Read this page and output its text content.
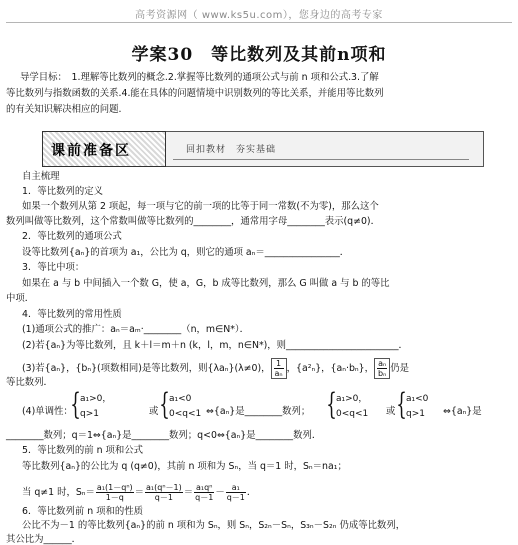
高考资源网（ www.ks5u.com），您身边的高考专家
学案30　等比数列及其前n项和
导学目标：　1.理解等比数列的概念.2.掌握等比数列的通项公式与前 n 项和公式.3.了解
等比数列与指数函数的关系.4.能在具体的问题情境中识别数列的等比关系，并能用等比数列
的有关知识解决相应的问题.
课前准备区	回扣教材　夯实基础
自主梳理
1．等比数列的定义
如果一个数列从第 2 项起，每一项与它的前一项的比等于同一常数(不为零)，那么这个
数列叫做等比数列，这个常数叫做等比数列的________，通常用字母________表示(q≠0)．
2．等比数列的通项公式
设等比数列{aₙ}的首项为 a₁，公比为 q，则它的通项 aₙ＝________________．
3．等比中项：
如果在 a 与 b 中间插入一个数 G，使 a，G，b 成等比数列，那么 G 叫做 a 与 b 的等比
中项．
4．等比数列的常用性质
(1)通项公式的推广：aₙ＝aₘ·________（n，m∈N*）．
(2)若{aₙ}为等比数列，且 k＋l＝m＋n (k，l，m，n∈N*)，则________________________．
(3)若{aₙ}，{bₙ}(项数相同)是等比数列，则{λaₙ}(λ≠0)， $\frac{1}{\text{aₙ}}$ ，{a²ₙ}，{aₙ·bₙ}， $\frac{\text{aₙ}}{\text{bₙ}}$ 仍是
等比数列．
(4)单调性：
{ a₁>0，
q>1	或 { a₁<0
0<q<1 ⇔{aₙ}是________数列； { a₁>0，
0<q<1 或 { a₁<0
q>1 ⇔{aₙ}是
________数列；q＝1⇔{aₙ}是________数列；q<0⇔{aₙ}是________数列．
5．等比数列的前 n 项和公式
等比数列{aₙ}的公比为 q (q≠0)，其前 n 项和为 Sₙ，当 q＝1 时，Sₙ＝na₁；
当 q≠1 时，$S_n= \frac{\text{a₁(1－qⁿ)}}{1-q} = \frac{\text{a₁(qⁿ－1)}}{q-1} = \frac{\text{a₁qⁿ}}{q-1} - \frac{\text{a₁}}{q-1}$ ．
6．等比数列前 n 项和的性质
公比不为－1 的等比数列{aₙ}的前 n 项和为 Sₙ，则 Sₙ，S₂ₙ－Sₙ，S₃ₙ－S₂ₙ 仍成等比数列，
其公比为______．
